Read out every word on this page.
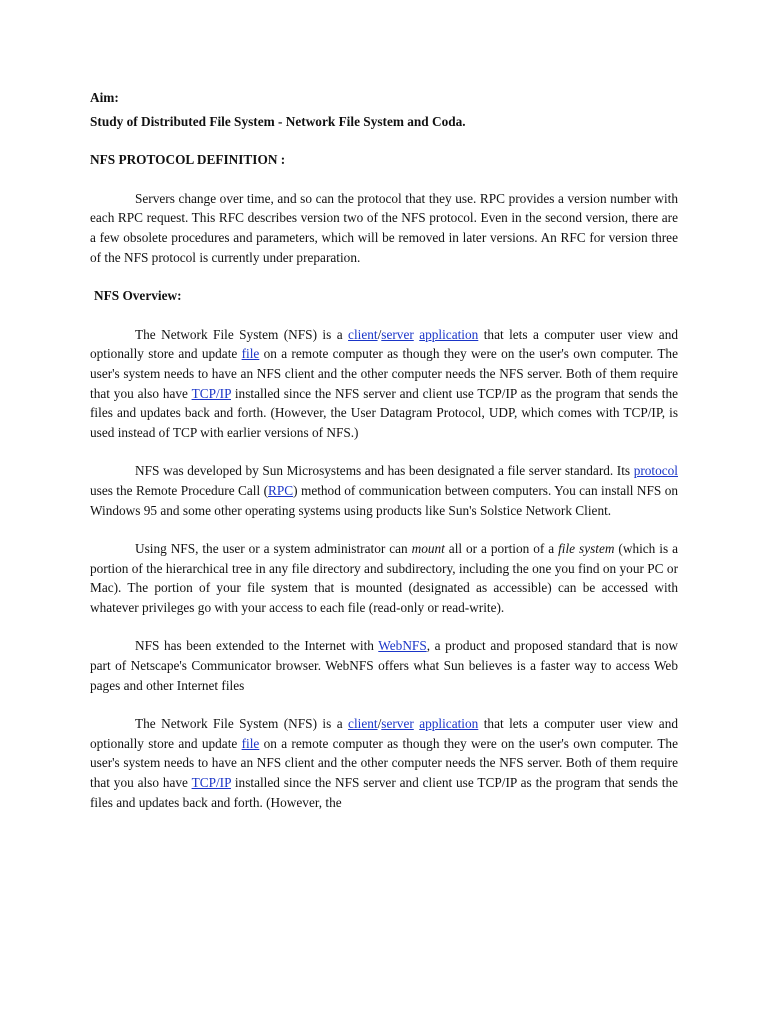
Aim:
Study of Distributed File System - Network File System and Coda.
NFS PROTOCOL DEFINITION :

Servers change over time, and so can the protocol that they use. RPC provides a version number with each RPC request. This RFC describes version two of the NFS protocol. Even in the second version, there are a few obsolete procedures and parameters, which will be removed in later versions. An RFC for version three of the NFS protocol is currently under preparation.

NFS Overview:

The Network File System (NFS) is a client/server application that lets a computer user view and optionally store and update file on a remote computer as though they were on the user's own computer. The user's system needs to have an NFS client and the other computer needs the NFS server. Both of them require that you also have TCP/IP installed since the NFS server and client use TCP/IP as the program that sends the files and updates back and forth. (However, the User Datagram Protocol, UDP, which comes with TCP/IP, is used instead of TCP with earlier versions of NFS.)

NFS was developed by Sun Microsystems and has been designated a file server standard. Its protocol uses the Remote Procedure Call (RPC) method of communication between computers. You can install NFS on Windows 95 and some other operating systems using products like Sun's Solstice Network Client.

Using NFS, the user or a system administrator can mount all or a portion of a file system (which is a portion of the hierarchical tree in any file directory and subdirectory, including the one you find on your PC or Mac). The portion of your file system that is mounted (designated as accessible) can be accessed with whatever privileges go with your access to each file (read-only or read-write).

NFS has been extended to the Internet with WebNFS, a product and proposed standard that is now part of Netscape's Communicator browser. WebNFS offers what Sun believes is a faster way to access Web pages and other Internet files

The Network File System (NFS) is a client/server application that lets a computer user view and optionally store and update file on a remote computer as though they were on the user's own computer. The user's system needs to have an NFS client and the other computer needs the NFS server. Both of them require that you also have TCP/IP installed since the NFS server and client use TCP/IP as the program that sends the files and updates back and forth. (However, the
